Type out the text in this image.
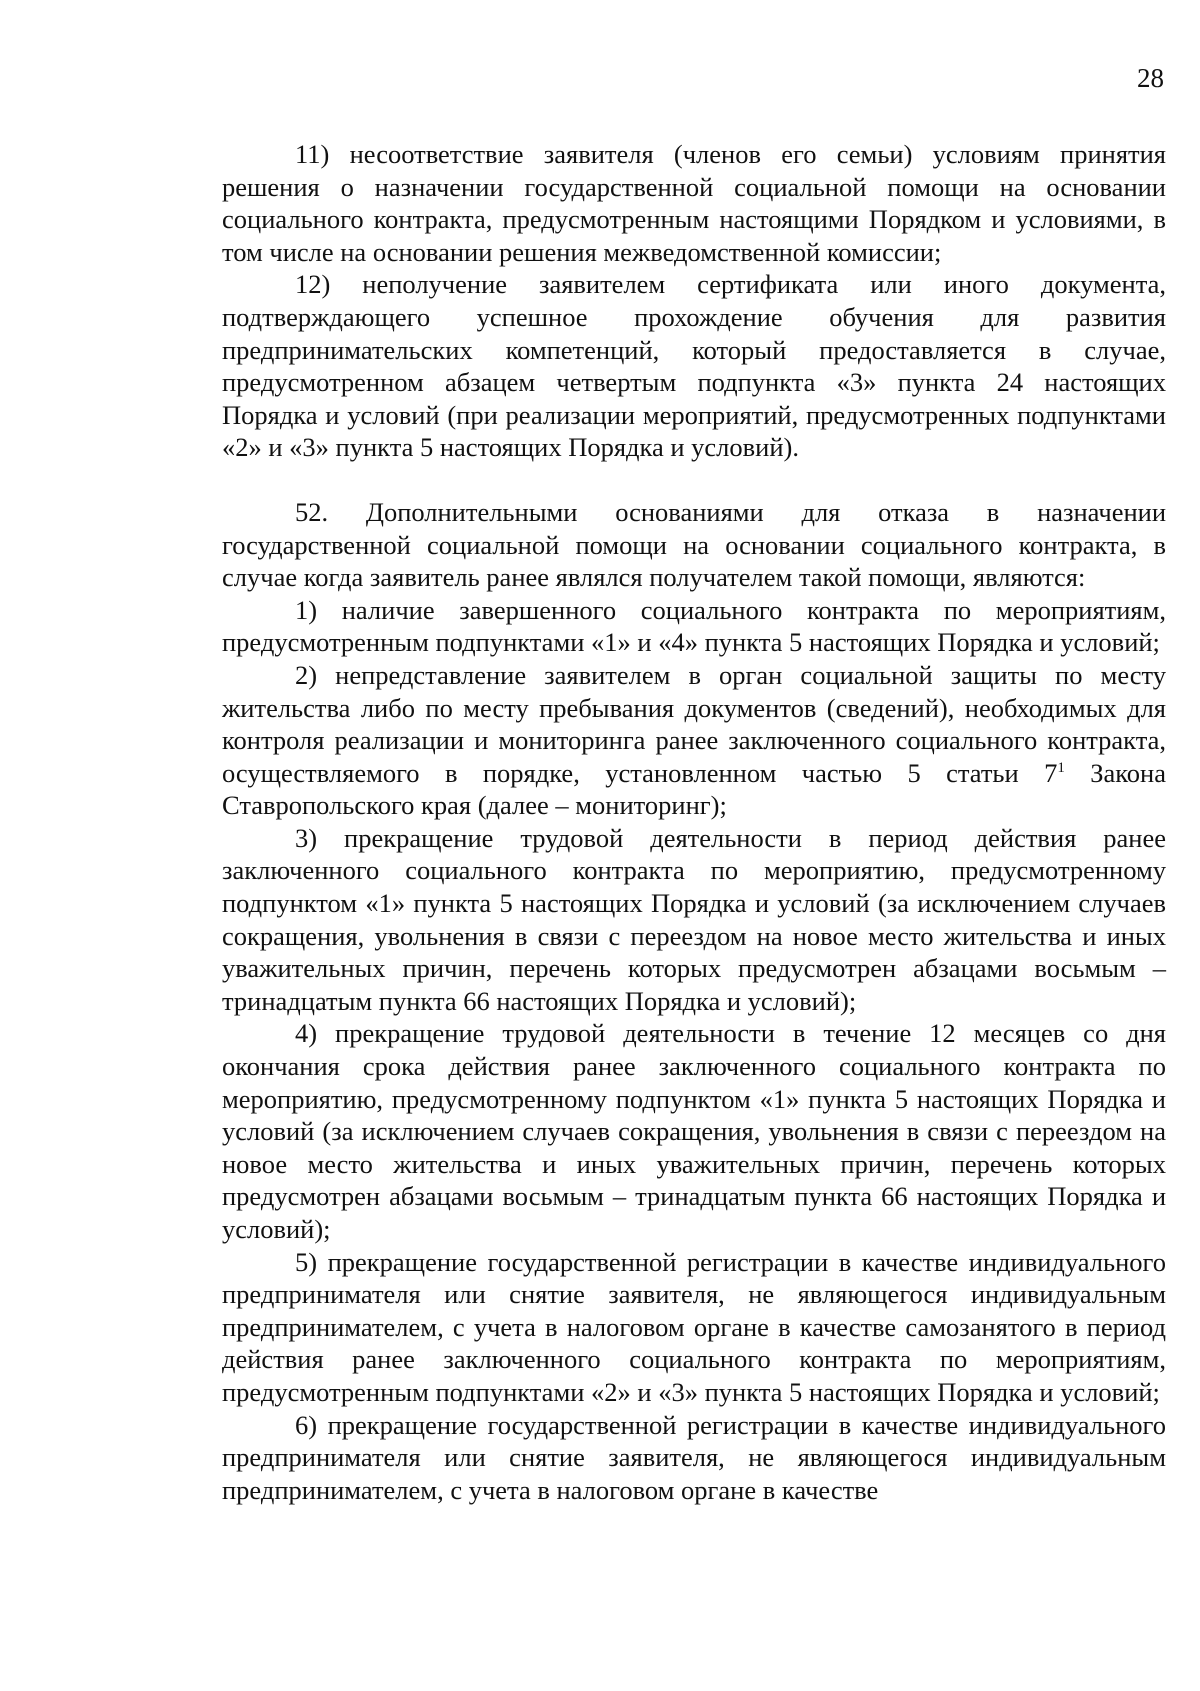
28

11) несоответствие заявителя (членов его семьи) условиям принятия решения о назначении государственной социальной помощи на основании социального контракта, предусмотренным настоящими Порядком и условиями, в том числе на основании решения межведомственной комиссии;

12) неполучение заявителем сертификата или иного документа, подтверждающего успешное прохождение обучения для развития предпринимательских компетенций, который предоставляется в случае, предусмотренном абзацем четвертым подпункта «3» пункта 24 настоящих Порядка и условий (при реализации мероприятий, предусмотренных подпунктами «2» и «3» пункта 5 настоящих Порядка и условий).

52. Дополнительными основаниями для отказа в назначении государственной социальной помощи на основании социального контракта, в случае когда заявитель ранее являлся получателем такой помощи, являются:

1) наличие завершенного социального контракта по мероприятиям, предусмотренным подпунктами «1» и «4» пункта 5 настоящих Порядка и условий;

2) непредставление заявителем в орган социальной защиты по месту жительства либо по месту пребывания документов (сведений), необходимых для контроля реализации и мониторинга ранее заключенного социального контракта, осуществляемого в порядке, установленном частью 5 статьи $7^1$ Закона Ставропольского края (далее – мониторинг);

3) прекращение трудовой деятельности в период действия ранее заключенного социального контракта по мероприятию, предусмотренному подпунктом «1» пункта 5 настоящих Порядка и условий (за исключением случаев сокращения, увольнения в связи с переездом на новое место жительства и иных уважительных причин, перечень которых предусмотрен абзацами восьмым – тринадцатым пункта 66 настоящих Порядка и условий);

4) прекращение трудовой деятельности в течение 12 месяцев со дня окончания срока действия ранее заключенного социального контракта по мероприятию, предусмотренному подпунктом «1» пункта 5 настоящих Порядка и условий (за исключением случаев сокращения, увольнения в связи с переездом на новое место жительства и иных уважительных причин, перечень которых предусмотрен абзацами восьмым – тринадцатым пункта 66 настоящих Порядка и условий);

5) прекращение государственной регистрации в качестве индивидуального предпринимателя или снятие заявителя, не являющегося индивидуальным предпринимателем, с учета в налоговом органе в качестве самозанятого в период действия ранее заключенного социального контракта по мероприятиям, предусмотренным подпунктами «2» и «3» пункта 5 настоящих Порядка и условий;

6) прекращение государственной регистрации в качестве индивидуального предпринимателя или снятие заявителя, не являющегося индивидуальным предпринимателем, с учета в налоговом органе в качестве
